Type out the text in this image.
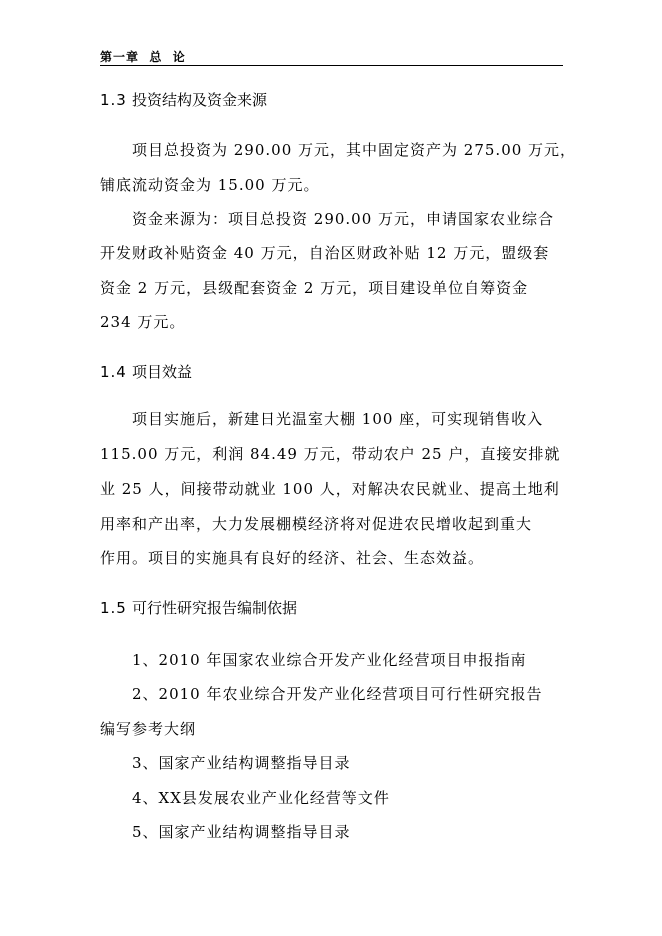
第一章  总  论
1.3 投资结构及资金来源
项目总投资为 290.00 万元，其中固定资产为 275.00 万元，
铺底流动资金为 15.00 万元。
资金来源为：项目总投资 290.00 万元，申请国家农业综合
开发财政补贴资金 40 万元，自治区财政补贴 12 万元，盟级套
资金 2 万元，县级配套资金 2 万元，项目建设单位自筹资金
234 万元。
1.4 项目效益
项目实施后，新建日光温室大棚 100 座，可实现销售收入
115.00 万元，利润 84.49 万元，带动农户 25 户，直接安排就
业 25 人，间接带动就业 100 人，对解决农民就业、提高土地利
用率和产出率，大力发展棚模经济将对促进农民增收起到重大
作用。项目的实施具有良好的经济、社会、生态效益。
1.5 可行性研究报告编制依据
1、2010 年国家农业综合开发产业化经营项目申报指南
2、2010 年农业综合开发产业化经营项目可行性研究报告
编写参考大纲
3、国家产业结构调整指导目录
4、XX县发展农业产业化经营等文件
5、国家产业结构调整指导目录
